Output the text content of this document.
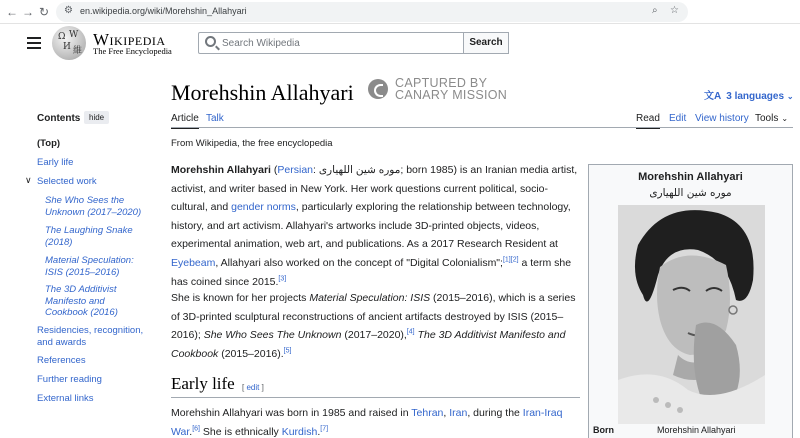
← → ↻ ⚙ en.wikipedia.org/wiki/Morehshin_Allahyari	⌕ ☆
Ω W
И 維
Wikipedia
The Free Encyclopedia
Search Wikipedia	Search
Morehshin Allahyari	CAPTURED BY
CANARY MISSION	文A 3 languages ⌄
Article Talk	Read Edit View history Tools ⌄
From Wikipedia, the free encyclopedia
Contents	hide
∨
(Top)
Early life
Selected work
She Who Sees the Unknown (2017–2020)
The Laughing Snake (2018)
Material Speculation: ISIS (2015–2016)
The 3D Additivist Manifesto and Cookbook (2016)
Residencies, recognition, and awards
References
Further reading
External links
Morehshin Allahyari (Persian: موره شین اللهیاری; born 1985) is an Iranian media artist, activist, and writer based in New York. Her work questions current political, socio-cultural, and gender norms, particularly exploring the relationship between technology, history, and art activism. Allahyari's artworks include 3D-printed objects, videos, experimental animation, web art, and publications. As a 2017 Research Resident at Eyebeam, Allahyari also worked on the concept of "Digital Colonialism";[1][2] a term she has coined since 2015.[3]
She is known for her projects Material Speculation: ISIS (2015–2016), which is a series of 3D-printed sculptural reconstructions of ancient artifacts destroyed by ISIS (2015–2016); She Who Sees The Unknown (2017–2020),[4] The 3D Additivist Manifesto and Cookbook (2015–2016).[5]
Early life [ edit ]
Morehshin Allahyari was born in 1985 and raised in Tehran, Iran, during the Iran-Iraq War.[6] She is ethnically Kurdish.[7]
Morehshin Allahyari
موره شین اللهیاری
Born	Morehshin Allahyari
